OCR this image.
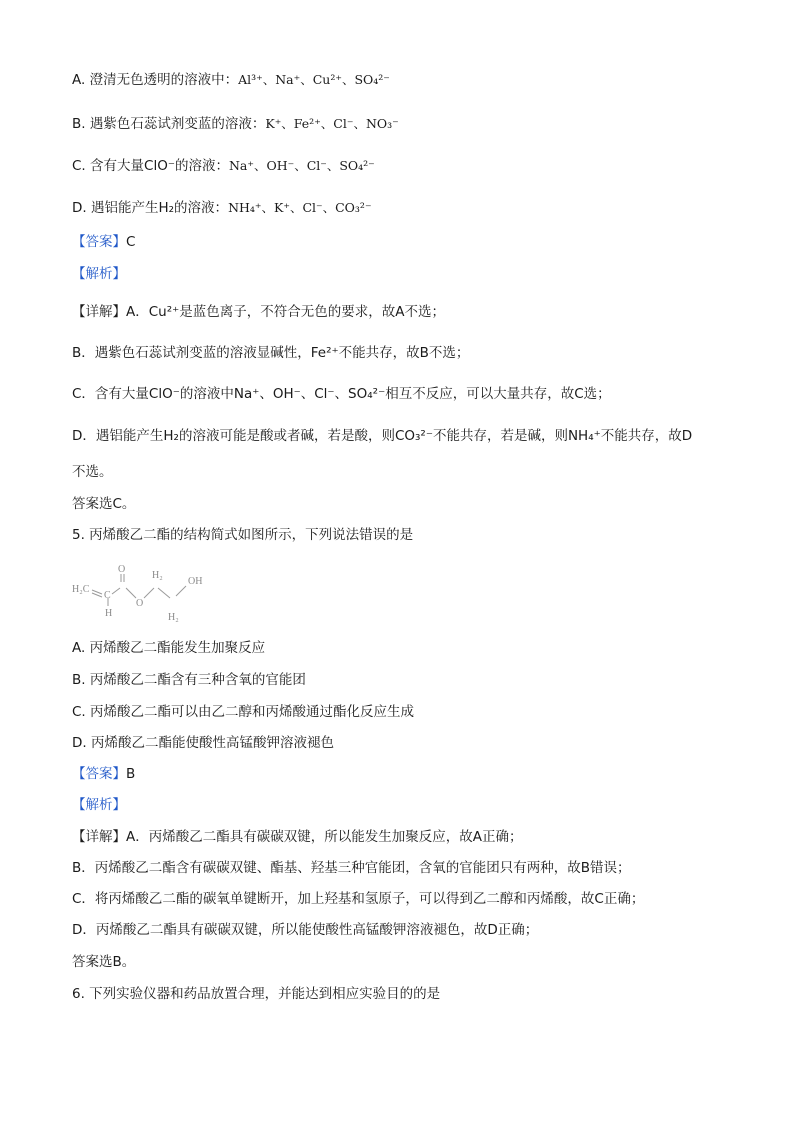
A. 澄清无色透明的溶液中：Al³⁺、Na⁺、Cu²⁺、SO₄²⁻
B. 遇紫色石蕊试剂变蓝的溶液：K⁺、Fe²⁺、Cl⁻、NO₃⁻
C. 含有大量ClO⁻的溶液：Na⁺、OH⁻、Cl⁻、SO₄²⁻
D. 遇铝能产生H₂的溶液：NH₄⁺、K⁺、Cl⁻、CO₃²⁻
【答案】C
【解析】
【详解】A．Cu²⁺是蓝色离子，不符合无色的要求，故A不选；
B．遇紫色石蕊试剂变蓝的溶液显碱性，Fe²⁺不能共存，故B不选；
C．含有大量ClO⁻的溶液中Na⁺、OH⁻、Cl⁻、SO₄²⁻相互不反应，可以大量共存，故C选；
D．遇铝能产生H₂的溶液可能是酸或者碱，若是酸，则CO₃²⁻不能共存，若是碱，则NH₄⁺不能共存，故D
不选。
答案选C。
5. 丙烯酸乙二酯的结构简式如图所示，下列说法错误的是
H₂C
C
H
O
O
H₂
H₂
OH
A. 丙烯酸乙二酯能发生加聚反应
B. 丙烯酸乙二酯含有三种含氧的官能团
C. 丙烯酸乙二酯可以由乙二醇和丙烯酸通过酯化反应生成
D. 丙烯酸乙二酯能使酸性高锰酸钾溶液褪色
【答案】B
【解析】
【详解】A．丙烯酸乙二酯具有碳碳双键，所以能发生加聚反应，故A正确；
B．丙烯酸乙二酯含有碳碳双键、酯基、羟基三种官能团，含氧的官能团只有两种，故B错误；
C．将丙烯酸乙二酯的碳氧单键断开，加上羟基和氢原子，可以得到乙二醇和丙烯酸，故C正确；
D．丙烯酸乙二酯具有碳碳双键，所以能使酸性高锰酸钾溶液褪色，故D正确；
答案选B。
6. 下列实验仪器和药品放置合理，并能达到相应实验目的的是
